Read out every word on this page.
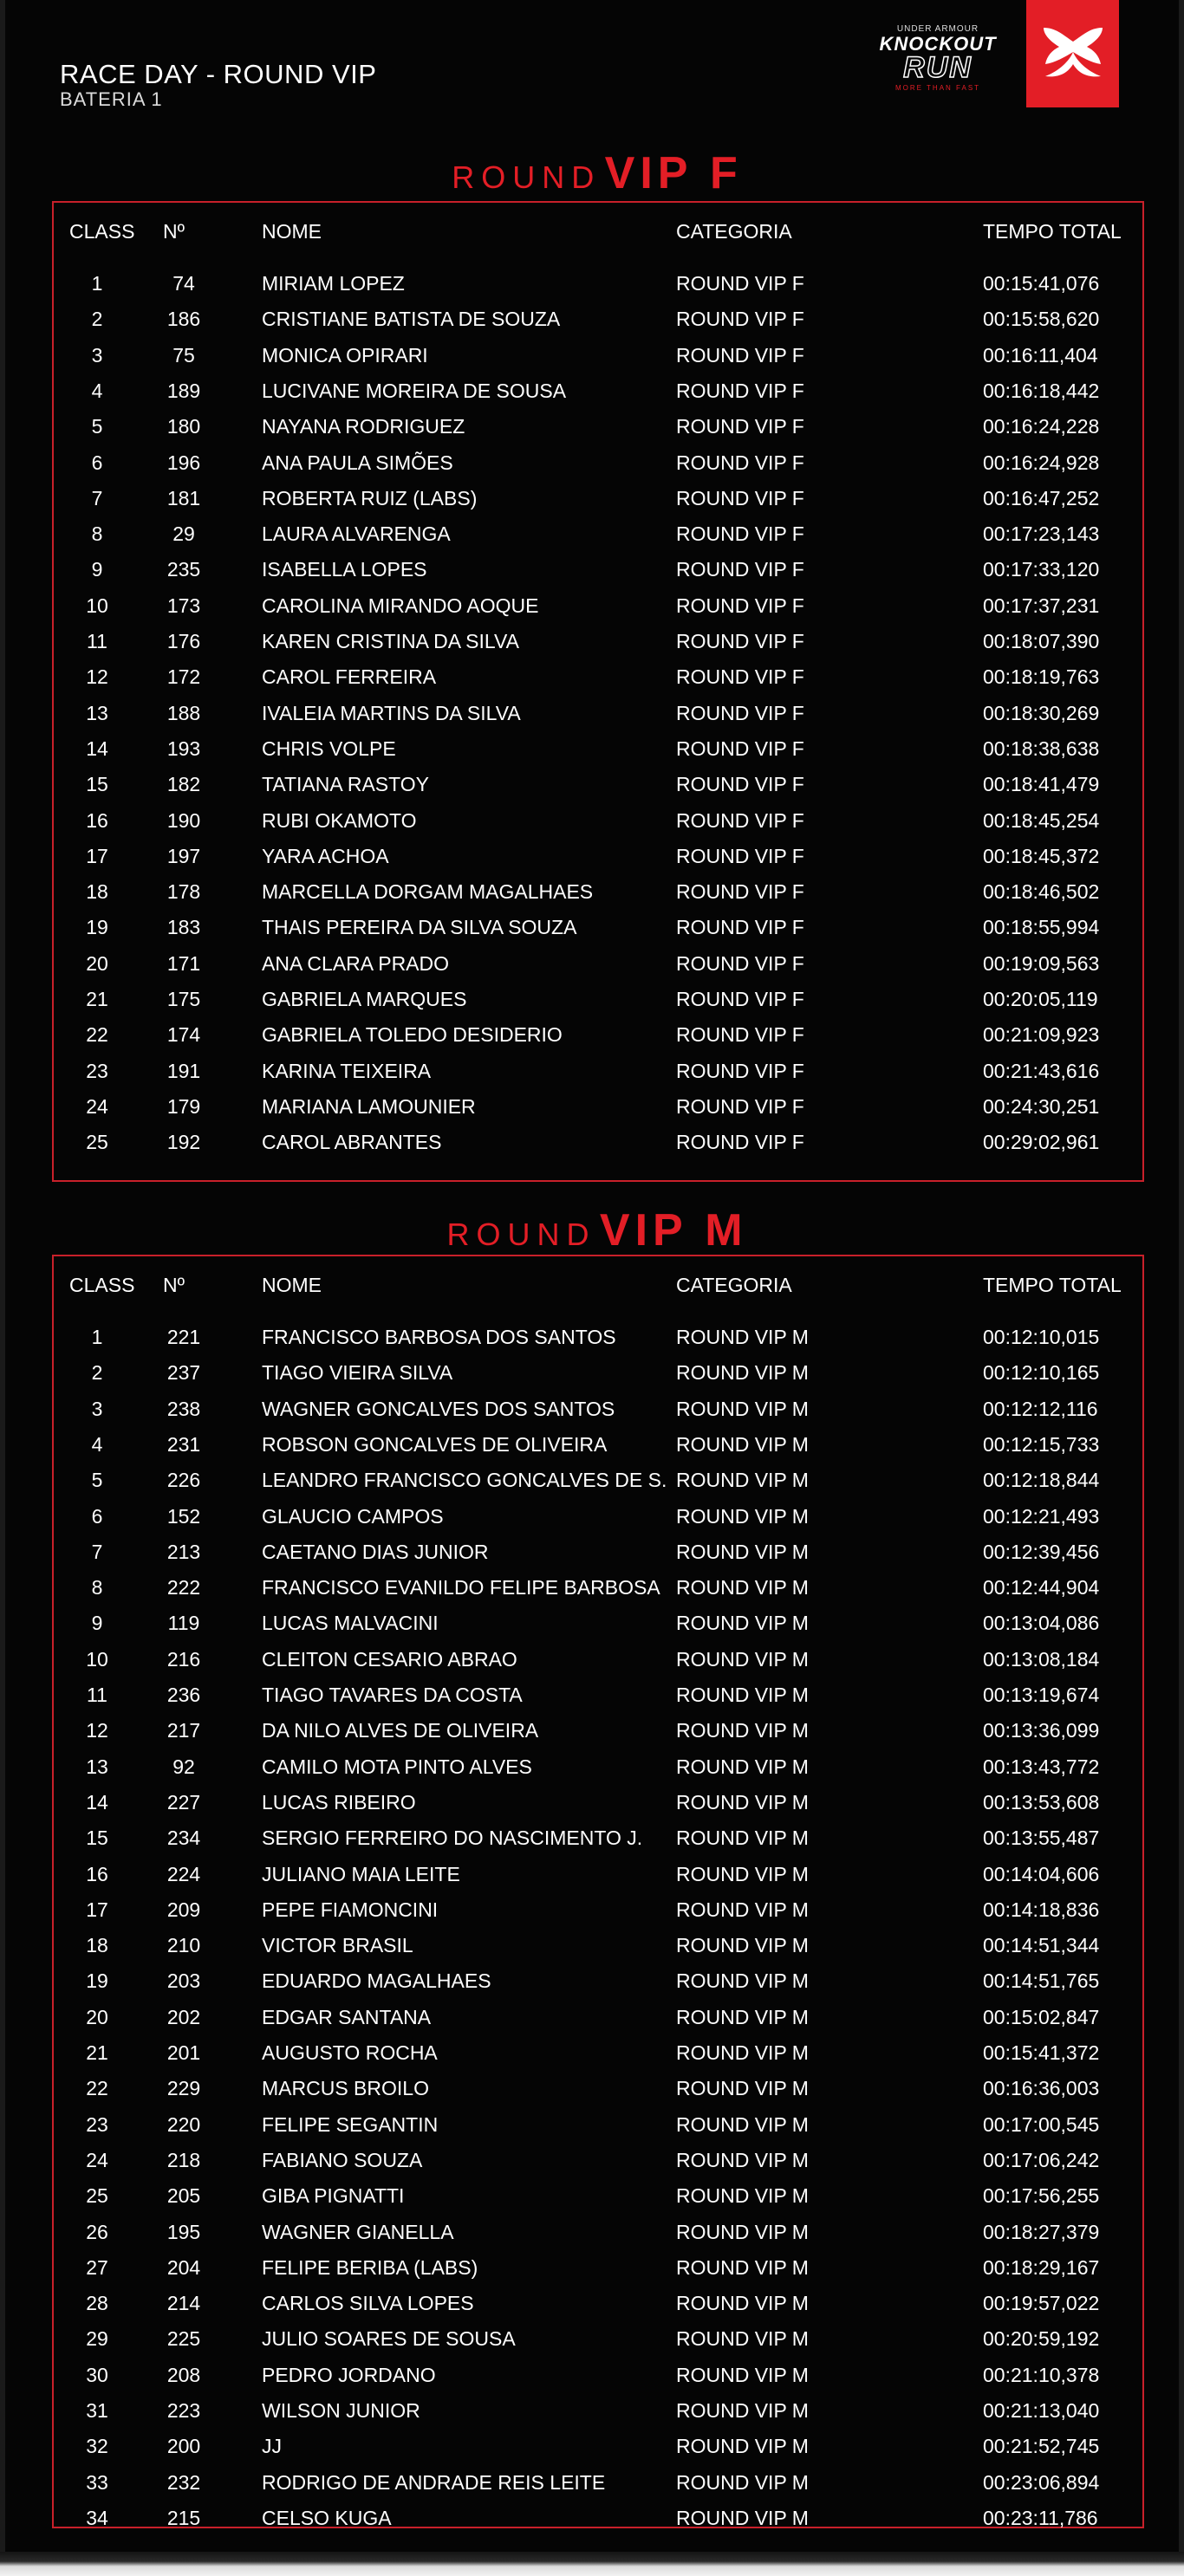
RACE DAY - ROUND VIP
BATERIA 1
UNDER ARMOUR
KNOCKOUT
RUN
MORE THAN FAST
ROUND VIP F
CLASS Nº	NOME	CATEGORIA	TEMPO TOTAL
1	74	MIRIAM LOPEZ	ROUND VIP F	00:15:41,076
2	186	CRISTIANE BATISTA DE SOUZA	ROUND VIP F	00:15:58,620
3	75	MONICA OPIRARI	ROUND VIP F	00:16:11,404
4	189	LUCIVANE MOREIRA DE SOUSA	ROUND VIP F	00:16:18,442
5	180	NAYANA RODRIGUEZ	ROUND VIP F	00:16:24,228
6	196	ANA PAULA SIMÕES	ROUND VIP F	00:16:24,928
7	181	ROBERTA RUIZ (LABS)	ROUND VIP F	00:16:47,252
8	29	LAURA ALVARENGA	ROUND VIP F	00:17:23,143
9	235	ISABELLA LOPES	ROUND VIP F	00:17:33,120
10	173	CAROLINA MIRANDO AOQUE	ROUND VIP F	00:17:37,231
11	176	KAREN CRISTINA DA SILVA	ROUND VIP F	00:18:07,390
12	172	CAROL FERREIRA	ROUND VIP F	00:18:19,763
13	188	IVALEIA MARTINS DA SILVA	ROUND VIP F	00:18:30,269
14	193	CHRIS VOLPE	ROUND VIP F	00:18:38,638
15	182	TATIANA RASTOY	ROUND VIP F	00:18:41,479
16	190	RUBI OKAMOTO	ROUND VIP F	00:18:45,254
17	197	YARA ACHOA	ROUND VIP F	00:18:45,372
18	178	MARCELLA DORGAM MAGALHAES	ROUND VIP F	00:18:46,502
19	183	THAIS PEREIRA DA SILVA SOUZA	ROUND VIP F	00:18:55,994
20	171	ANA CLARA PRADO	ROUND VIP F	00:19:09,563
21	175	GABRIELA MARQUES	ROUND VIP F	00:20:05,119
22	174	GABRIELA TOLEDO DESIDERIO	ROUND VIP F	00:21:09,923
23	191	KARINA TEIXEIRA	ROUND VIP F	00:21:43,616
24	179	MARIANA LAMOUNIER	ROUND VIP F	00:24:30,251
25	192	CAROL ABRANTES	ROUND VIP F	00:29:02,961
ROUND VIP M
CLASS Nº	NOME	CATEGORIA	TEMPO TOTAL
1	221	FRANCISCO BARBOSA DOS SANTOS	ROUND VIP M	00:12:10,015
2	237	TIAGO VIEIRA SILVA	ROUND VIP M	00:12:10,165
3	238	WAGNER GONCALVES DOS SANTOS	ROUND VIP M	00:12:12,116
4	231	ROBSON GONCALVES DE OLIVEIRA	ROUND VIP M	00:12:15,733
5	226	LEANDRO FRANCISCO GONCALVES DE S. ROUND VIP M	00:12:18,844
6	152	GLAUCIO CAMPOS	ROUND VIP M	00:12:21,493
7	213	CAETANO DIAS JUNIOR	ROUND VIP M	00:12:39,456
8	222	FRANCISCO EVANILDO FELIPE BARBOSA ROUND VIP M	00:12:44,904
9	119	LUCAS MALVACINI	ROUND VIP M	00:13:04,086
10	216	CLEITON CESARIO ABRAO	ROUND VIP M	00:13:08,184
11	236	TIAGO TAVARES DA COSTA	ROUND VIP M	00:13:19,674
12	217	DA NILO ALVES DE OLIVEIRA	ROUND VIP M	00:13:36,099
13	92	CAMILO MOTA PINTO ALVES	ROUND VIP M	00:13:43,772
14	227	LUCAS RIBEIRO	ROUND VIP M	00:13:53,608
15	234	SERGIO FERREIRO DO NASCIMENTO J. ROUND VIP M	00:13:55,487
16	224	JULIANO MAIA LEITE	ROUND VIP M	00:14:04,606
17	209	PEPE FIAMONCINI	ROUND VIP M	00:14:18,836
18	210	VICTOR BRASIL	ROUND VIP M	00:14:51,344
19	203	EDUARDO MAGALHAES	ROUND VIP M	00:14:51,765
20	202	EDGAR SANTANA	ROUND VIP M	00:15:02,847
21	201	AUGUSTO ROCHA	ROUND VIP M	00:15:41,372
22	229	MARCUS BROILO	ROUND VIP M	00:16:36,003
23	220	FELIPE SEGANTIN	ROUND VIP M	00:17:00,545
24	218	FABIANO SOUZA	ROUND VIP M	00:17:06,242
25	205	GIBA PIGNATTI	ROUND VIP M	00:17:56,255
26	195	WAGNER GIANELLA	ROUND VIP M	00:18:27,379
27	204	FELIPE BERIBA (LABS)	ROUND VIP M	00:18:29,167
28	214	CARLOS SILVA LOPES	ROUND VIP M	00:19:57,022
29	225	JULIO SOARES DE SOUSA	ROUND VIP M	00:20:59,192
30	208	PEDRO JORDANO	ROUND VIP M	00:21:10,378
31	223	WILSON JUNIOR	ROUND VIP M	00:21:13,040
32	200	JJ	ROUND VIP M	00:21:52,745
33	232	RODRIGO DE ANDRADE REIS LEITE	ROUND VIP M	00:23:06,894
34	215	CELSO KUGA	ROUND VIP M	00:23:11,786
